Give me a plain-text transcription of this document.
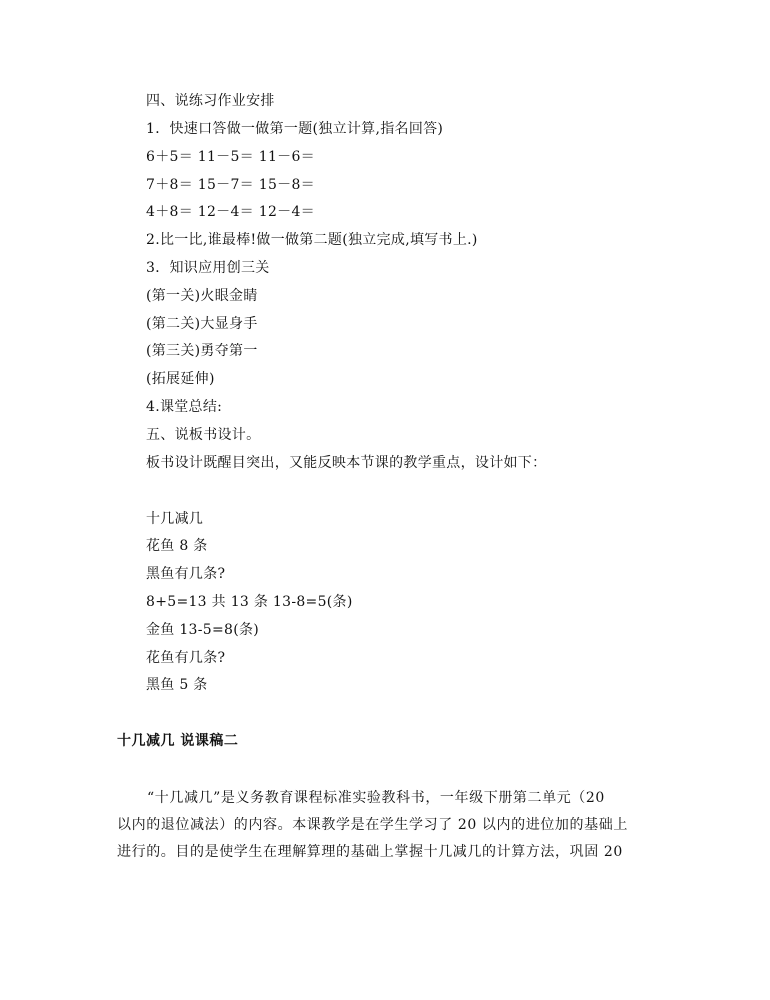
四、说练习作业安排
1．快速口答做一做第一题(独立计算,指名回答)
6＋5＝ 11－5＝ 11－6＝
7＋8＝ 15－7＝ 15－8＝
4＋8＝ 12－4＝ 12－4＝
2.比一比,谁最棒!做一做第二题(独立完成,填写书上.)
3．知识应用创三关
(第一关)火眼金睛
(第二关)大显身手
(第三关)勇夺第一
(拓展延伸)
4.课堂总结:
五、说板书设计。
板书设计既醒目突出，又能反映本节课的教学重点，设计如下：
十几减几
花鱼 8 条
黑鱼有几条?
8+5=13 共 13 条 13-8=5(条)
金鱼 13-5=8(条)
花鱼有几条?
黑鱼 5 条
十几减几 说课稿二
“十几减几”是义务教育课程标准实验教科书，一年级下册第二单元（20
以内的退位减法）的内容。本课教学是在学生学习了 20 以内的进位加的基础上
进行的。目的是使学生在理解算理的基础上掌握十几减几的计算方法，巩固 20
